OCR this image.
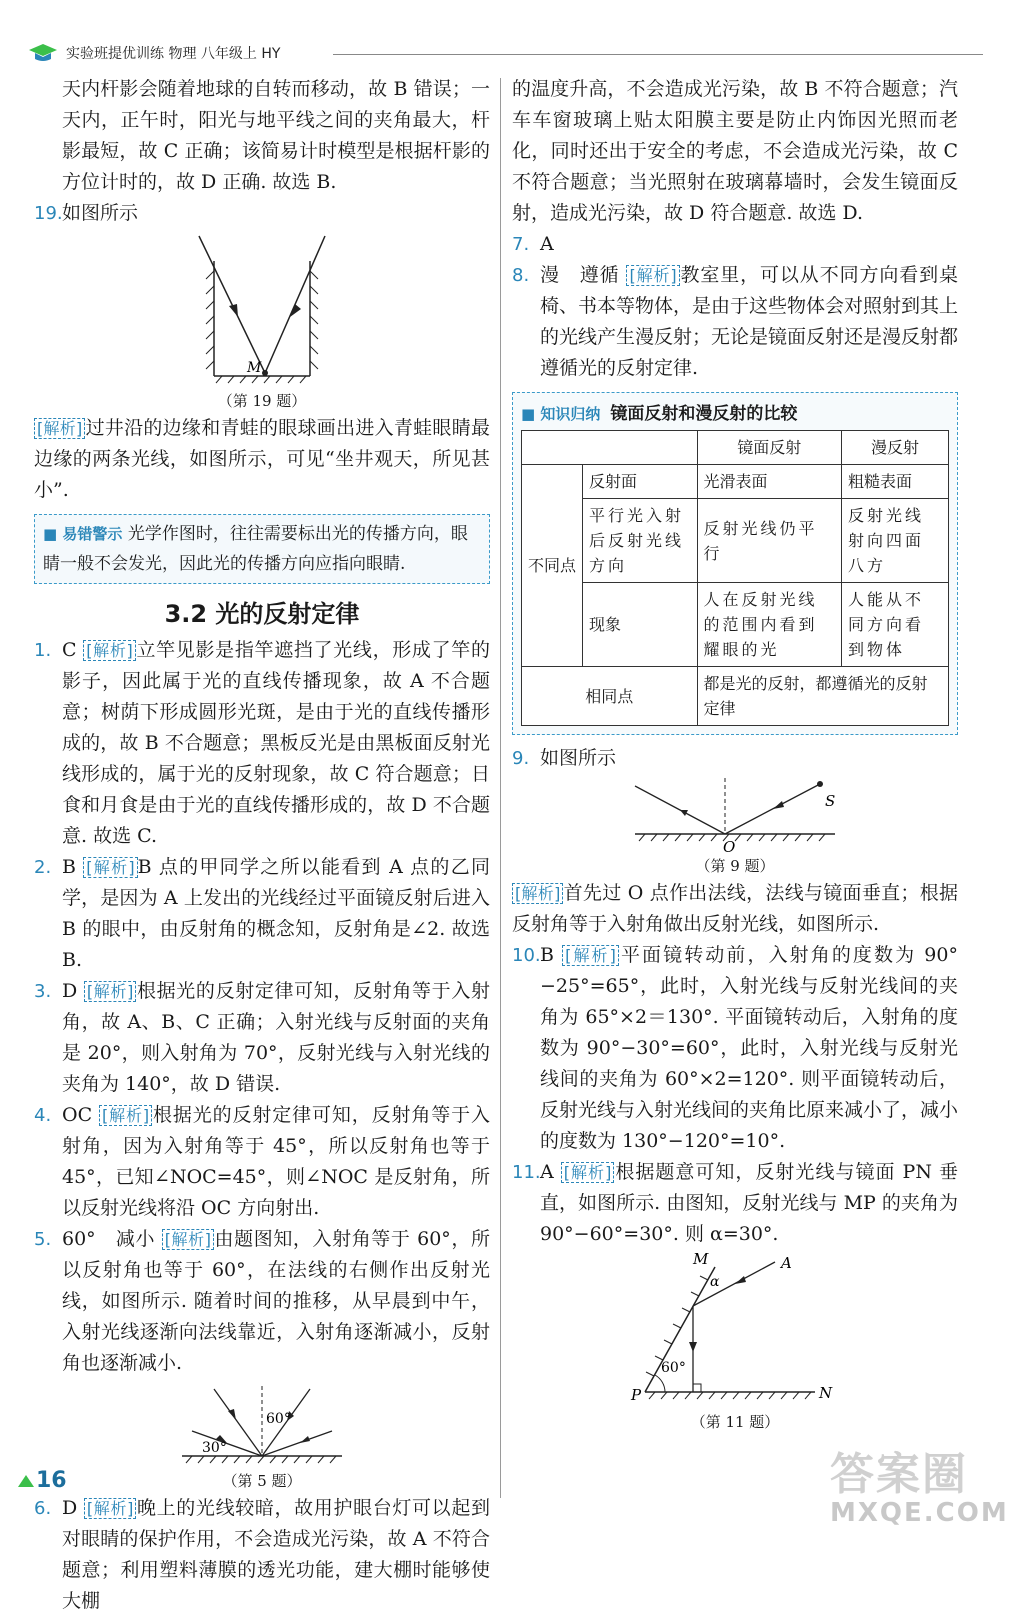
实验班提优训练 物理 八年级上 HY

天内杆影会随着地球的自转而移动，故 B 错误；一天内，正午时，阳光与地平线之间的夹角最大，杆影最短，故 C 正确；该简易计时模型是根据杆影的方位计时的，故 D 正确. 故选 B.

19. 如图所示

M
（第 19 题）

[解析] 过井沿的边缘和青蛙的眼球画出进入青蛙眼睛最边缘的两条光线，如图所示，可见“坐井观天，所见甚小”.

■ 易错警示 光学作图时，往往需要标出光的传播方向，眼睛一般不会发光，因此光的传播方向应指向眼睛.
3.2 光的反射定律

1. C [解析] 立竿见影是指竿遮挡了光线，形成了竿的影子，因此属于光的直线传播现象，故 A 不合题意；树荫下形成圆形光斑，是由于光的直线传播形成的，故 B 不合题意；黑板反光是由黑板面反射光线形成的，属于光的反射现象，故 C 符合题意；日食和月食是由于光的直线传播形成的，故 D 不合题意. 故选 C.

2. B [解析] B 点的甲同学之所以能看到 A 点的乙同学，是因为 A 上发出的光线经过平面镜反射后进入 B 的眼中，由反射角的概念知，反射角是∠2. 故选 B.

3. D [解析] 根据光的反射定律可知，反射角等于入射角，故 A、B、C 正确；入射光线与反射面的夹角是 20°，则入射角为 70°，反射光线与入射光线的夹角为 140°，故 D 错误.

4. OC [解析] 根据光的反射定律可知，反射角等于入射角，因为入射角等于 45°，所以反射角也等于 45°，已知∠NOC=45°，则∠NOC 是反射角，所以反射光线将沿 OC 方向射出.

5. 60°　减小 [解析] 由题图知，入射角等于 60°，所以反射角也等于 60°，在法线的右侧作出反射光线，如图所示. 随着时间的推移，从早晨到中午，入射光线逐渐向法线靠近，入射角逐渐减小，反射角也逐渐减小.

30°
60°
（第 5 题）

6. D [解析] 晚上的光线较暗，故用护眼台灯可以起到对眼睛的保护作用，不会造成光污染，故 A 不符合题意；利用塑料薄膜的透光功能，建大棚时能够使大棚

的温度升高，不会造成光污染，故 B 不符合题意；汽车车窗玻璃上贴太阳膜主要是防止内饰因光照而老化，同时还出于安全的考虑，不会造成光污染，故 C 不符合题意；当光照射在玻璃幕墙时，会发生镜面反射，造成光污染，故 D 符合题意. 故选 D.

7. A

8. 漫　遵循 [解析] 教室里，可以从不同方向看到桌椅、书本等物体，是由于这些物体会对照射到其上的光线产生漫反射；无论是镜面反射还是漫反射都遵循光的反射定律.

■ 知识归纳 镜面反射和漫反射的比较
		镜面反射	漫反射
不同点	反射面	光滑表面	粗糙表面
	平行光入射后反射光线方向	反射光线仍平行	反射光线射向四面八方
	现象	人在反射光线的范围内看到耀眼的光	人能从不同方向看到物体
相同点		都是光的反射，都遵循光的反射定律	

9. 如图所示

S
O
（第 9 题）

[解析] 首先过 O 点作出法线，法线与镜面垂直；根据反射角等于入射角做出反射光线，如图所示.

10. B [解析] 平面镜转动前，入射角的度数为 90°−25°=65°，此时，入射光线与反射光线间的夹角为 65°×2＝130°. 平面镜转动后，入射角的度数为 90°−30°=60°，此时，入射光线与反射光线间的夹角为 60°×2=120°. 则平面镜转动后，反射光线与入射光线间的夹角比原来减小了，减小的度数为 130°−120°=10°.

11. A [解析] 根据题意可知，反射光线与镜面 PN 垂直，如图所示. 由图知，反射光线与 MP 的夹角为 90°−60°=30°. 则 α=30°.

M	A
α
60°
P	N
（第 11 题）
16	答案圈
MXQE.COM
